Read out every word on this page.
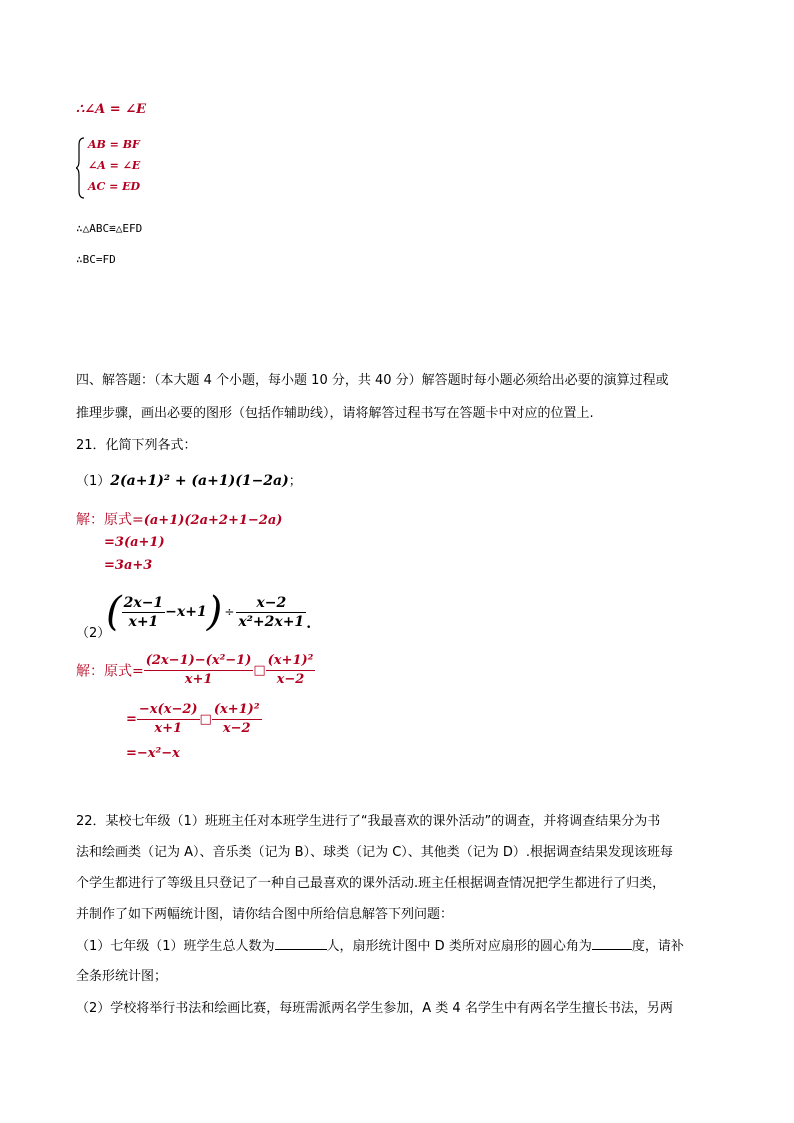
∴∠A = ∠E
AB = BF
∠A = ∠E
AC = ED
∴△ABC≌△EFD
∴BC=FD
四、解答题：（本大题 4 个小题，每小题 10 分，共 40 分）解答题时每小题必须给出必要的演算过程或
推理步骤，画出必要的图形（包括作辅助线），请将解答过程书写在答题卡中对应的位置上.
21．化简下列各式：
（1）2(a+1)² + (a+1)(1−2a)；
解：原式=(a+1)(2a+2+1−2a)
=3(a+1)
=3a+3
（2）
( $\frac{2x-1}{x+1} -x+1) \div \frac{x-2}{\text{x²+2x+1}}$ .
解：原式= $\frac{\text{(2x−1)−(x²−1)}}{x+1}$ □ $\frac{\text{(x+1)²}}{x-2}$
= $\frac{-x(x-2)}{x+1}$ □ $\frac{\text{(x+1)²}}{x-2}$
=−x²−x
22．某校七年级（1）班班主任对本班学生进行了“我最喜欢的课外活动”的调查，并将调查结果分为书
法和绘画类（记为 A）、音乐类（记为 B）、球类（记为 C）、其他类（记为 D）.根据调查结果发现该班每
个学生都进行了等级且只登记了一种自己最喜欢的课外活动.班主任根据调查情况把学生都进行了归类，
并制作了如下两幅统计图，请你结合图中所给信息解答下列问题：
（1）七年级（1）班学生总人数为	人，扇形统计图中 D 类所对应扇形的圆心角为	度，请补
全条形统计图；
（2）学校将举行书法和绘画比赛，每班需派两名学生参加，A 类 4 名学生中有两名学生擅长书法，另两
